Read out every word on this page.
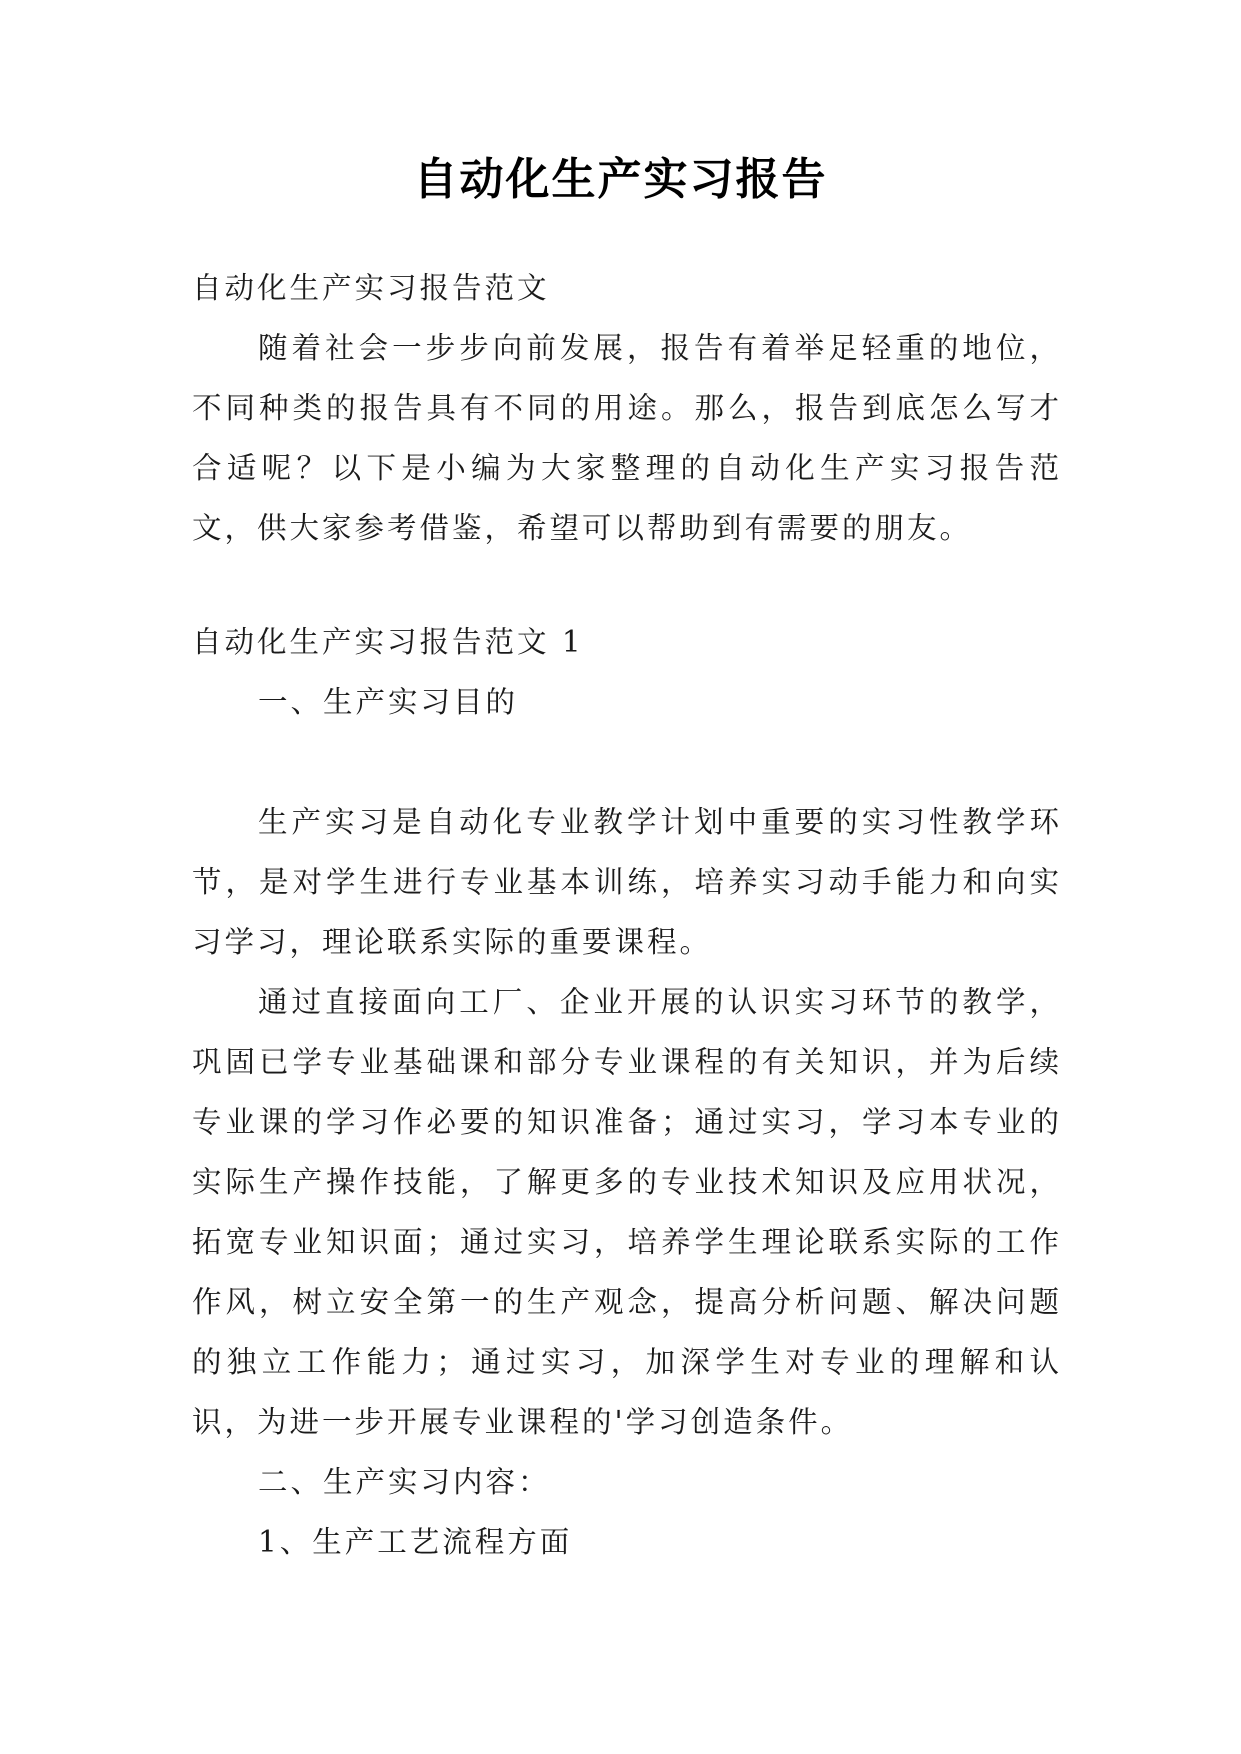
自动化生产实习报告

自动化生产实习报告范文

随着社会一步步向前发展，报告有着举足轻重的地位，不同种类的报告具有不同的用途。那么，报告到底怎么写才合适呢？以下是小编为大家整理的自动化生产实习报告范文，供大家参考借鉴，希望可以帮助到有需要的朋友。

自动化生产实习报告范文 1

一、生产实习目的

生产实习是自动化专业教学计划中重要的实习性教学环节，是对学生进行专业基本训练，培养实习动手能力和向实习学习，理论联系实际的重要课程。

通过直接面向工厂、企业开展的认识实习环节的教学，巩固已学专业基础课和部分专业课程的有关知识，并为后续专业课的学习作必要的知识准备；通过实习，学习本专业的实际生产操作技能，了解更多的专业技术知识及应用状况，拓宽专业知识面；通过实习，培养学生理论联系实际的工作作风，树立安全第一的生产观念，提高分析问题、解决问题的独立工作能力；通过实习，加深学生对专业的理解和认识，为进一步开展专业课程的'学习创造条件。

二、生产实习内容：

1、生产工艺流程方面
